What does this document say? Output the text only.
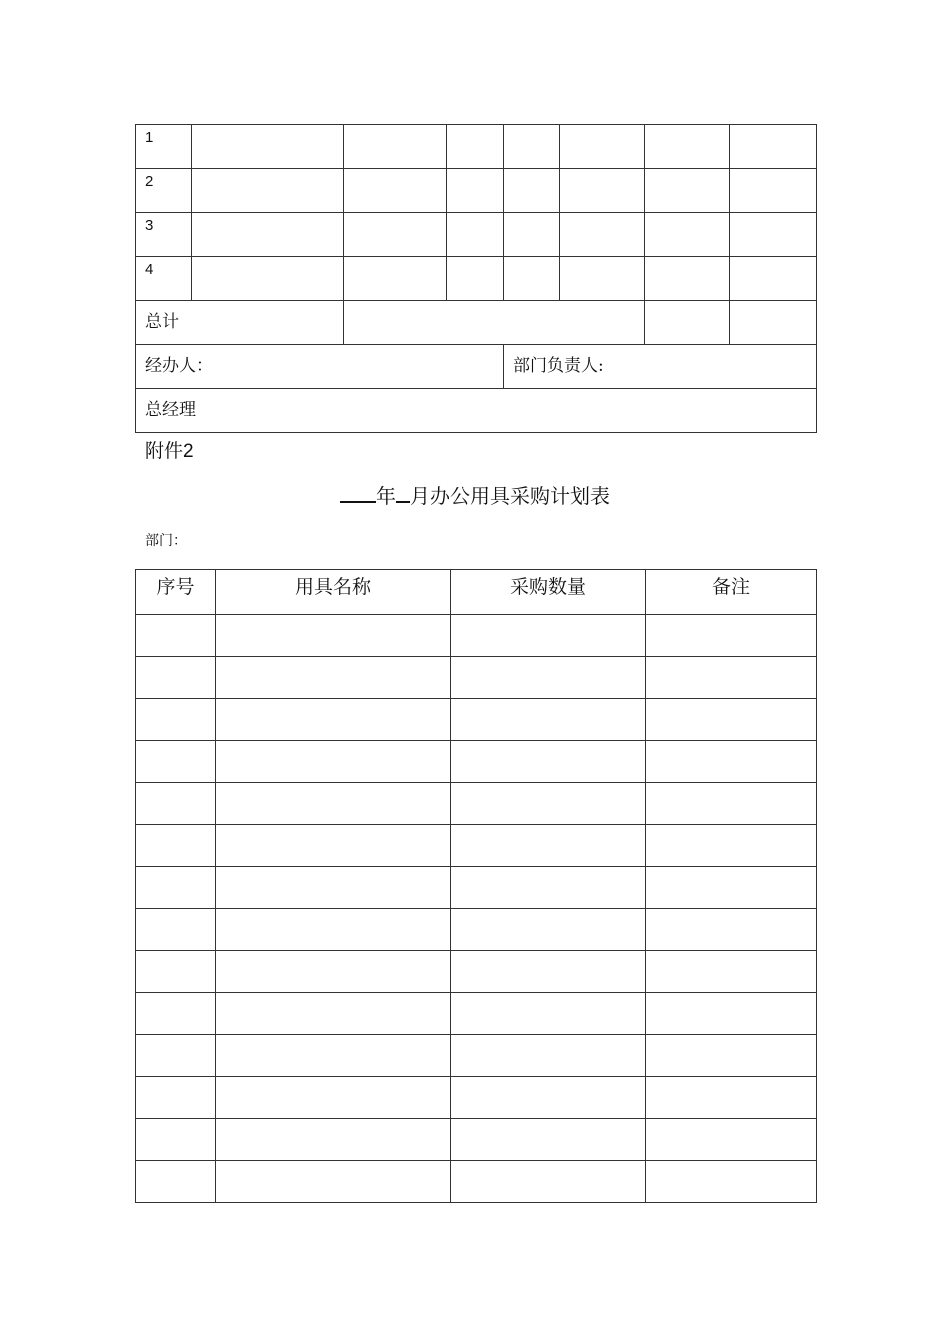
1							
2							
3							
4							
总计							
经办人：				部门负责人:			
总经理							
附件2
年 月办公用具采购计划表
部门：
序号	用具名称	采购数量	备注
